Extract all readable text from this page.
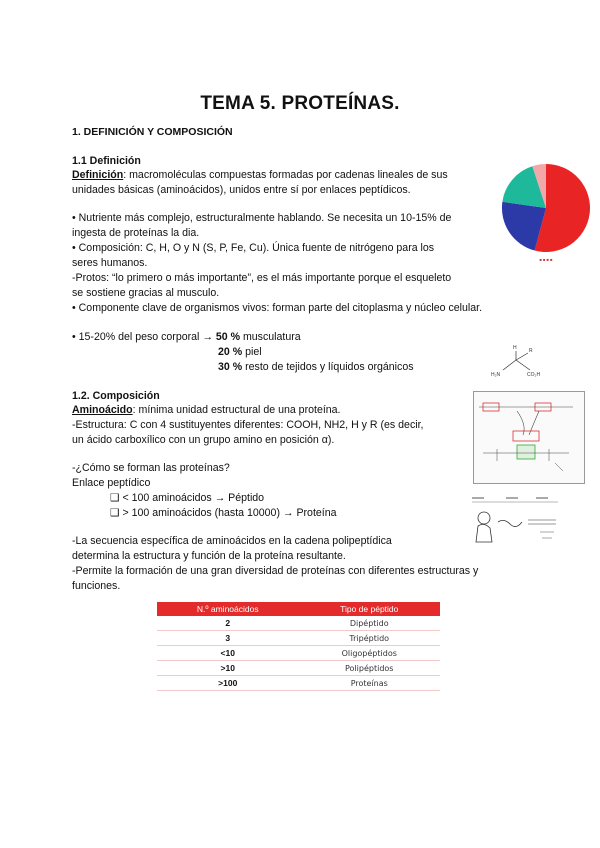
TEMA 5. PROTEÍNAS.
1. DEFINICIÓN Y COMPOSICIÓN
1.1 Definición
Definición: macromoléculas compuestas formadas por cadenas lineales de sus
unidades básicas (aminoácidos), unidos entre sí por enlaces peptídicos.
• Nutriente más complejo, estructuralmente hablando. Se necesita un 10-15% de
ingesta de proteínas la dia.
• Composición: C, H, O y N (S, P, Fe, Cu). Única fuente de nitrógeno para los
seres humanos.
-Protos: “lo primero o más importante”, es el más importante porque el esqueleto
se sostiene gracias al musculo.
• Componente clave de organismos vivos: forman parte del citoplasma y núcleo celular.
• 15-20% del peso corporal → 50 % musculatura
20 % piel
30 % resto de tejidos y líquidos orgánicos
■ ■ ■ ■
H R
H₂N	CO₂H
1.2. Composición
Aminoácido: mínima unidad estructural de una proteína.
-Estructura: C con 4 sustituyentes diferentes: COOH, NH2, H y R (es decir,
un ácido carboxílico con un grupo amino en posición α).
-¿Cómo se forman las proteínas?
Enlace peptídico
❑ < 100 aminoácidos → Péptido
❑ > 100 aminoácidos (hasta 10000) → Proteína
-La secuencia específica de aminoácidos en la cadena polipeptídica
determina la estructura y función de la proteína resultante.
-Permite la formación de una gran diversidad de proteínas con diferentes estructuras y
funciones.
N.º aminoácidos	Tipo de péptido
2	Dipéptido
3	Tripéptido
<10	Oligopéptidos
>10	Polipéptidos
>100	Proteínas
